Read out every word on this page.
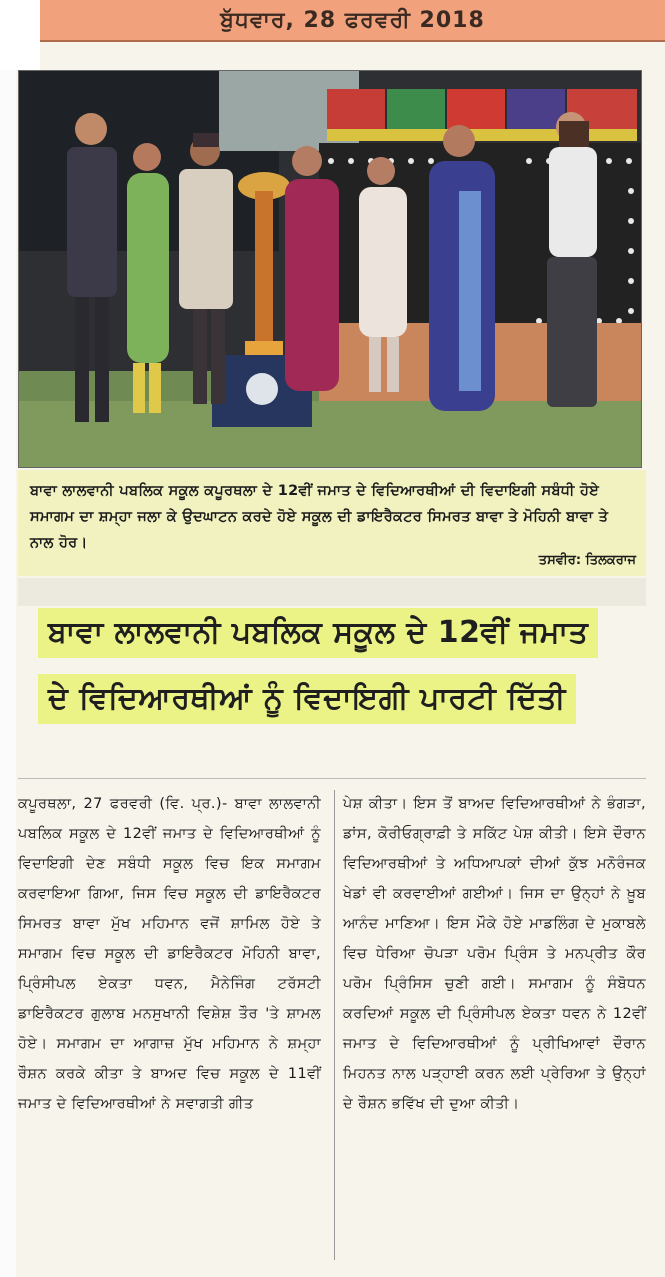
ਬੁੱਧਵਾਰ, 28 ਫਰਵਰੀ 2018

ਬਾਵਾ ਲਾਲਵਾਨੀ ਪਬਲਿਕ ਸਕੂਲ ਕਪੂਰਥਲਾ ਦੇ 12ਵੀਂ ਜਮਾਤ ਦੇ ਵਿਦਿਆਰਥੀਆਂ ਦੀ ਵਿਦਾਇਗੀ ਸਬੰਧੀ ਹੋਏ ਸਮਾਗਮ ਦਾ ਸ਼ਮ੍ਹਾ ਜਲਾ ਕੇ ਉਦਘਾਟਨ ਕਰਦੇ ਹੋਏ ਸਕੂਲ ਦੀ ਡਾਇਰੈਕਟਰ ਸਿਮਰਤ ਬਾਵਾ ਤੇ ਮੋਹਿਨੀ ਬਾਵਾ ਤੇ ਨਾਲ ਹੋਰ।

ਤਸਵੀਰ: ਤਿਲਕਰਾਜ
ਬਾਵਾ ਲਾਲਵਾਨੀ ਪਬਲਿਕ ਸਕੂਲ ਦੇ 12ਵੀਂ ਜਮਾਤ
ਦੇ ਵਿਦਿਆਰਥੀਆਂ ਨੂੰ ਵਿਦਾਇਗੀ ਪਾਰਟੀ ਦਿੱਤੀ

ਕਪੂਰਥਲਾ, 27 ਫਰਵਰੀ (ਵਿ. ਪ੍ਰ.)- ਬਾਵਾ ਲਾਲਵਾਨੀ ਪਬਲਿਕ ਸਕੂਲ ਦੇ 12ਵੀਂ ਜਮਾਤ ਦੇ ਵਿਦਿਆਰਥੀਆਂ ਨੂੰ ਵਿਦਾਇਗੀ ਦੇਣ ਸਬੰਧੀ ਸਕੂਲ ਵਿਚ ਇਕ ਸਮਾਗਮ ਕਰਵਾਇਆ ਗਿਆ, ਜਿਸ ਵਿਚ ਸਕੂਲ ਦੀ ਡਾਇਰੈਕਟਰ ਸਿਮਰਤ ਬਾਵਾ ਮੁੱਖ ਮਹਿਮਾਨ ਵਜੋਂ ਸ਼ਾਮਿਲ ਹੋਏ ਤੇ ਸਮਾਗਮ ਵਿਚ ਸਕੂਲ ਦੀ ਡਾਇਰੈਕਟਰ ਮੋਹਿਨੀ ਬਾਵਾ, ਪ੍ਰਿੰਸੀਪਲ ਏਕਤਾ ਧਵਨ, ਮੈਨੇਜਿੰਗ ਟਰੱਸਟੀ ਡਾਇਰੈਕਟਰ ਗੁਲਾਬ ਮਨਸੁਖਾਨੀ ਵਿਸ਼ੇਸ਼ ਤੌਰ 'ਤੇ ਸ਼ਾਮਲ ਹੋਏ। ਸਮਾਗਮ ਦਾ ਆਗਾਜ਼ ਮੁੱਖ ਮਹਿਮਾਨ ਨੇ ਸ਼ਮ੍ਹਾ ਰੌਸ਼ਨ ਕਰਕੇ ਕੀਤਾ ਤੇ ਬਾਅਦ ਵਿਚ ਸਕੂਲ ਦੇ 11ਵੀਂ ਜਮਾਤ ਦੇ ਵਿਦਿਆਰਥੀਆਂ ਨੇ ਸਵਾਗਤੀ ਗੀਤ

ਪੇਸ਼ ਕੀਤਾ। ਇਸ ਤੋਂ ਬਾਅਦ ਵਿਦਿਆਰਥੀਆਂ ਨੇ ਭੰਗੜਾ, ਡਾਂਸ, ਕੋਰੀਓਗ੍ਰਾਫ਼ੀ ਤੇ ਸਕਿੱਟ ਪੇਸ਼ ਕੀਤੀ। ਇਸੇ ਦੌਰਾਨ ਵਿਦਿਆਰਥੀਆਂ ਤੇ ਅਧਿਆਪਕਾਂ ਦੀਆਂ ਕੁੱਝ ਮਨੋਰੰਜਕ ਖੇਡਾਂ ਵੀ ਕਰਵਾਈਆਂ ਗਈਆਂ। ਜਿਸ ਦਾ ਉਨ੍ਹਾਂ ਨੇ ਖ਼ੂਬ ਆਨੰਦ ਮਾਣਿਆ। ਇਸ ਮੌਕੇ ਹੋਏ ਮਾਡਲਿੰਗ ਦੇ ਮੁਕਾਬਲੇ ਵਿਚ ਧੇਰਿਆ ਚੋਪੜਾ ਪਰੋਮ ਪ੍ਰਿੰਸ ਤੇ ਮਨਪ੍ਰੀਤ ਕੌਰ ਪਰੋਮ ਪ੍ਰਿੰਸਿਸ ਚੁਣੀ ਗਈ। ਸਮਾਗਮ ਨੂੰ ਸੰਬੋਧਨ ਕਰਦਿਆਂ ਸਕੂਲ ਦੀ ਪ੍ਰਿੰਸੀਪਲ ਏਕਤਾ ਧਵਨ ਨੇ 12ਵੀਂ ਜਮਾਤ ਦੇ ਵਿਦਿਆਰਥੀਆਂ ਨੂੰ ਪ੍ਰੀਖਿਆਵਾਂ ਦੌਰਾਨ ਮਿਹਨਤ ਨਾਲ ਪੜ੍ਹਾਈ ਕਰਨ ਲਈ ਪ੍ਰੇਰਿਆ ਤੇ ਉਨ੍ਹਾਂ ਦੇ ਰੌਸ਼ਨ ਭਵਿੱਖ ਦੀ ਦੁਆ ਕੀਤੀ।
